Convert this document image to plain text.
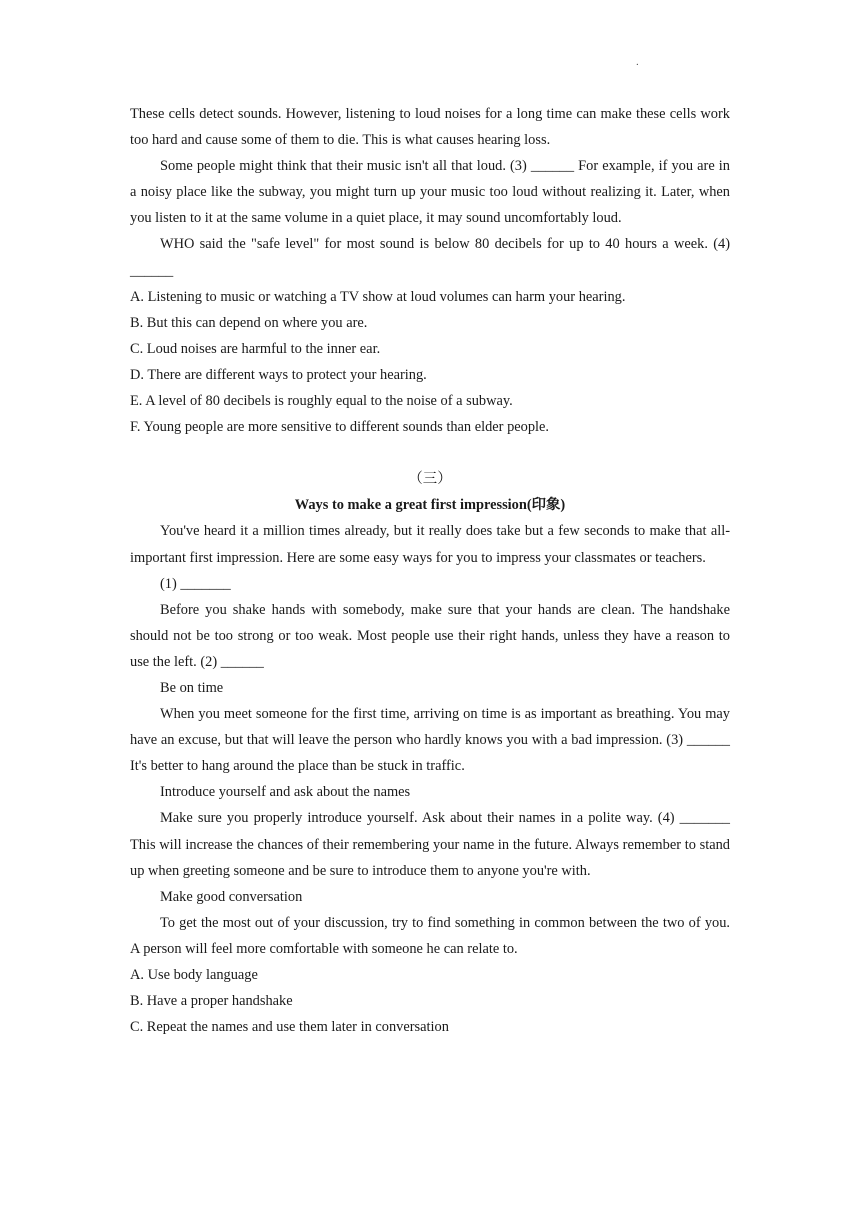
.

These cells detect sounds. However, listening to loud noises for a long time can make these cells work too hard and cause some of them to die. This is what causes hearing loss.

Some people might think that their music isn't all that loud. (3) ______ For example, if you are in a noisy place like the subway, you might turn up your music too loud without realizing it. Later, when you listen to it at the same volume in a quiet place, it may sound uncomfortably loud.

WHO said the "safe level" for most sound is below 80 decibels for up to 40 hours a week. (4) ______

A. Listening to music or watching a TV show at loud volumes can harm your hearing.

B. But this can depend on where you are.

C. Loud noises are harmful to the inner ear.

D. There are different ways to protect your hearing.

E. A level of 80 decibels is roughly equal to the noise of a subway.

F. Young people are more sensitive to different sounds than elder people.

（三）

Ways to make a great first impression(印象)

You've heard it a million times already, but it really does take but a few seconds to make that all-important first impression. Here are some easy ways for you to impress your classmates or teachers.

(1) _______

Before you shake hands with somebody, make sure that your hands are clean. The handshake should not be too strong or too weak. Most people use their right hands, unless they have a reason to use the left. (2) ______

Be on time

When you meet someone for the first time, arriving on time is as important as breathing. You may have an excuse, but that will leave the person who hardly knows you with a bad impression. (3) ______ It's better to hang around the place than be stuck in traffic.

Introduce yourself and ask about the names

Make sure you properly introduce yourself. Ask about their names in a polite way. (4) _______ This will increase the chances of their remembering your name in the future. Always remember to stand up when greeting someone and be sure to introduce them to anyone you're with.

Make good conversation

To get the most out of your discussion, try to find something in common between the two of you. A person will feel more comfortable with someone he can relate to.

A. Use body language

B. Have a proper handshake

C. Repeat the names and use them later in conversation
